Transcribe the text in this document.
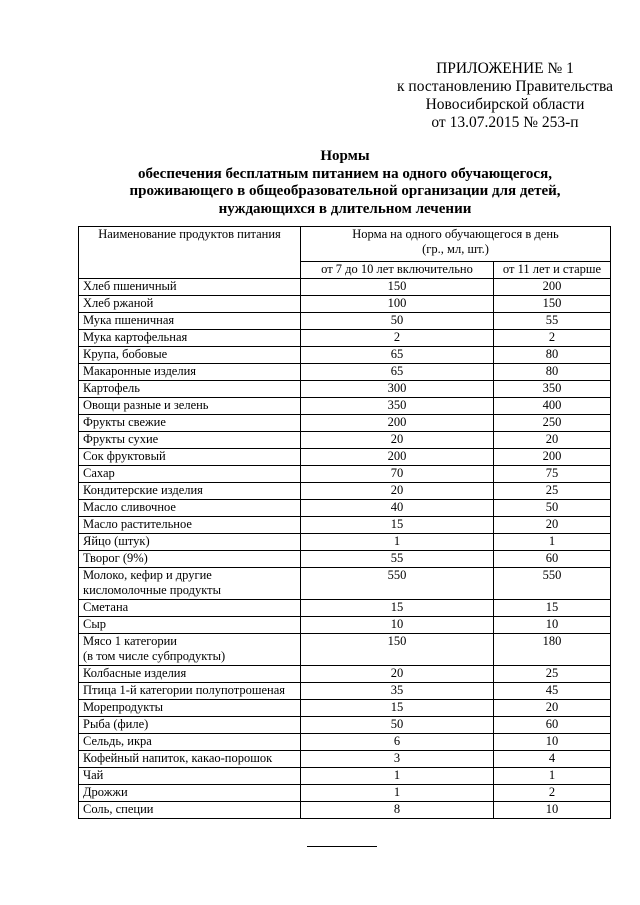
ПРИЛОЖЕНИЕ № 1
к постановлению Правительства
Новосибирской области
от 13.07.2015 № 253-п
Нормы
обеспечения бесплатным питанием на одного обучающегося,
проживающего в общеобразовательной организации для детей,
нуждающихся в длительном лечении
Наименование продуктов питания	Норма на одного обучающегося в день
(гр., мл, шт.)	

	от 7 до 10 лет включительно	от 11 лет и старше

Хлеб пшеничный	150	200

Хлеб ржаной	100	150

Мука пшеничная	50	55

Мука картофельная	2	2

Крупа, бобовые	65	80

Макаронные изделия	65	80

Картофель	300	350

Овощи разные и зелень	350	400

Фрукты свежие	200	250

Фрукты сухие	20	20

Сок фруктовый	200	200

Сахар	70	75

Кондитерские изделия	20	25

Масло сливочное	40	50

Масло растительное	15	20

Яйцо (штук)	1	1

Творог (9%)	55	60

Молоко, кефир и другие
кисломолочные продукты	550	550

Сметана	15	15

Сыр	10	10

Мясо 1 категории
(в том числе субпродукты)	150	180

Колбасные изделия	20	25

Птица 1-й категории полупотрошеная	35	45

Морепродукты	15	20

Рыба (филе)	50	60

Сельдь, икра	6	10

Кофейный напиток, какао-порошок	3	4

Чай	1	1

Дрожжи	1	2

Соль, специи	8	10
